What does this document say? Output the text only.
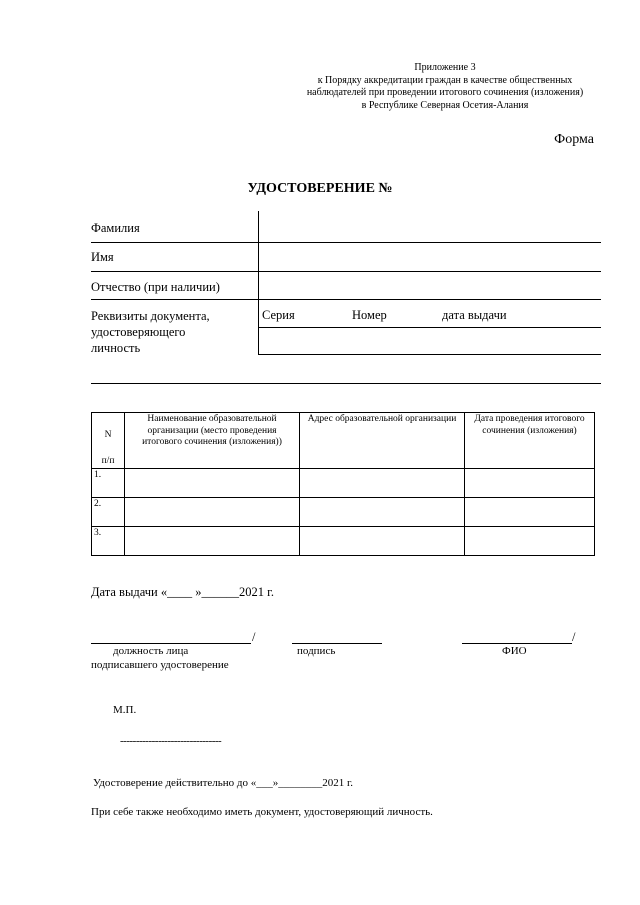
Приложение 3
к Порядку аккредитации граждан в качестве общественных
наблюдателей при проведении итогового сочинения (изложения)
в Республике Северная Осетия-Алания
Форма
УДОСТОВЕРЕНИЕ №
Фамилия
Имя
Отчество (при наличии)
Реквизиты документа,
удостоверяющего
личность
Серия	Номер	дата выдачи
N
п/п	Наименование образовательной организации (место проведения итогового сочинения (изложения))	Адрес образовательной организации	Дата проведения итогового сочинения (изложения)
1.			
2.			
3.			
Дата выдачи «____ »______2021 г.
/	/
должность лица
подписавшего удостоверение
подпись	ФИО
М.П.
--------------------------------
Удостоверение действительно до «___»________2021 г.
При себе также необходимо иметь документ, удостоверяющий личность.
